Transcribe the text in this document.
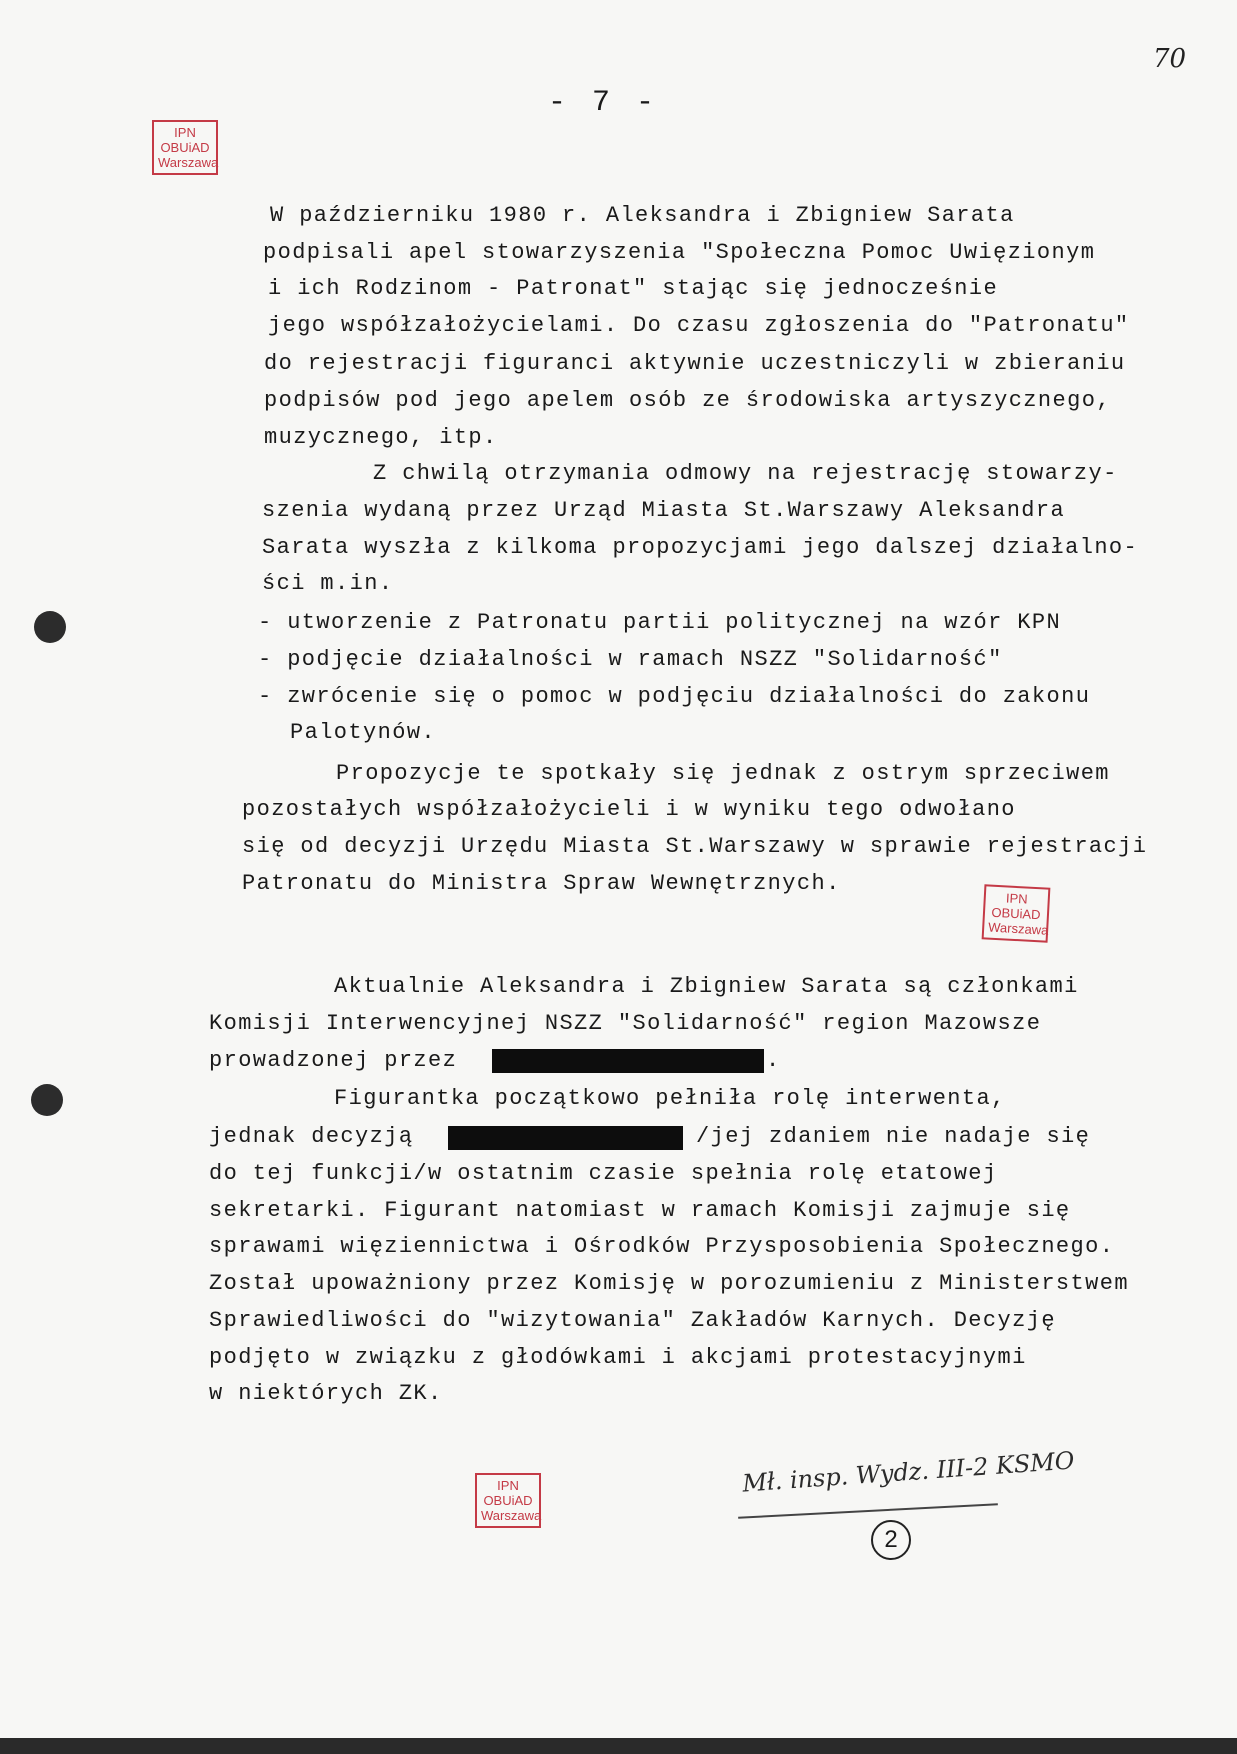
70
- 7 -
IPN
OBUiAD
Warszawa
IPN
OBUiAD
Warszawa
IPN
OBUiAD
Warszawa
W październiku 1980 r. Aleksandra i Zbigniew Sarata
podpisali apel stowarzyszenia "Społeczna Pomoc Uwięzionym
i ich Rodzinom - Patronat" stając się jednocześnie
jego współzałożycielami. Do czasu zgłoszenia do "Patronatu"
do rejestracji figuranci aktywnie uczestniczyli w zbieraniu
podpisów pod jego apelem osób ze środowiska artyszycznego,
muzycznego, itp.
Z chwilą otrzymania odmowy na rejestrację stowarzy-
szenia wydaną przez Urząd Miasta St.Warszawy Aleksandra
Sarata wyszła z kilkoma propozycjami jego dalszej działalno-
ści m.in.
- utworzenie z Patronatu partii politycznej na wzór KPN
- podjęcie działalności w ramach NSZZ "Solidarność"
- zwrócenie się o pomoc w podjęciu działalności do zakonu
Palotynów.
Propozycje te spotkały się jednak z ostrym sprzeciwem
pozostałych współzałożycieli i w wyniku tego odwołano
się od decyzji Urzędu Miasta St.Warszawy w sprawie rejestracji
Patronatu do Ministra Spraw Wewnętrznych.
Aktualnie Aleksandra i Zbigniew Sarata są członkami
Komisji Interwencyjnej NSZZ "Solidarność" region Mazowsze
prowadzonej przez	.
Figurantka początkowo pełniła rolę interwenta,
jednak decyzją	/jej zdaniem nie nadaje się
do tej funkcji/w ostatnim czasie spełnia rolę etatowej
sekretarki. Figurant natomiast w ramach Komisji zajmuje się
sprawami więziennictwa i Ośrodków Przysposobienia Społecznego.
Został upoważniony przez Komisję w porozumieniu z Ministerstwem
Sprawiedliwości do "wizytowania" Zakładów Karnych. Decyzję
podjęto w związku z głodówkami i akcjami protestacyjnymi
w niektórych ZK.
Mł. insp. Wydz. III-2 KSMO
2
